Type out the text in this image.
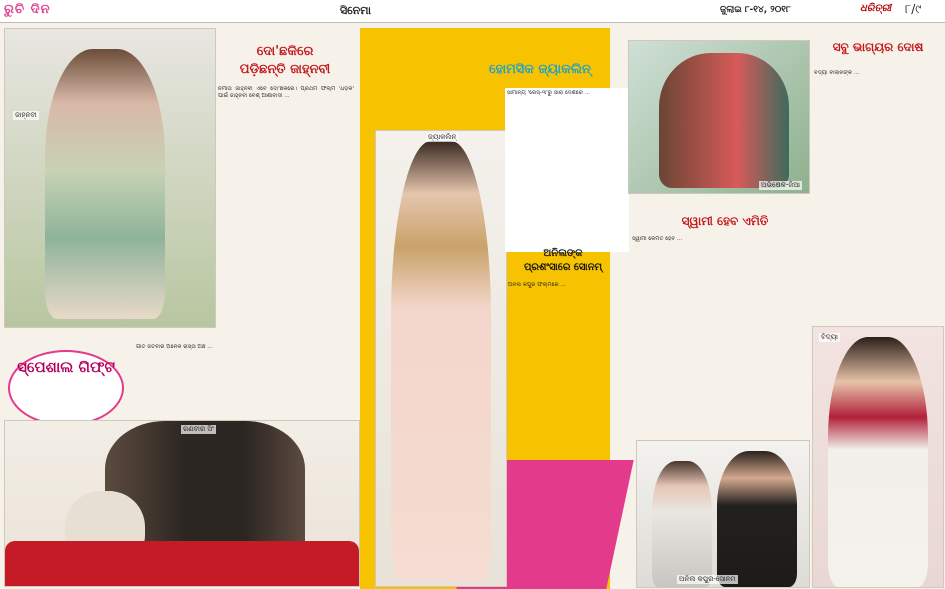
ରୁଚି ଦିନ	ସିନେମା	ଜୁଲାଇ ୮-୧୪, ୨୦୧୮	ଧରିତ୍ରୀ ୮/୯
ଜାହ୍ନବୀ
ଦୋ'ଛକିରେ
ପଡ଼ିଛନ୍ତି ଜାହ୍ନବୀ
ନିର୍ମାତା ଜାହ୍ନବୀ ଏବେ ଦୋ'ଛକିରେ। ପ୍ରଥମ ଫିଲ୍ମ 'ଧଡ଼କ' ପାଇଁ ଜାହ୍ନବୀ ବେଶ୍ ଆଶାବାଦୀ ...
ସ୍ପେଶାଲ ଗିଫ୍ଟ
ଗୀତ ଜିତିବାର ଅନେକ ରାସ୍ତା ଅଛି ...
ରଣବୀର ସିଂ
ହୋମସିକ ଜ୍ୟାକଲିନ୍
ଜ୍ୟାକଲିନ୍
ସାମାନ୍ୟ 'ରେସ୍-୩'ରୁ ସାରା ଦେଶରେ ...
ଅନିଲଙ୍କ
ପ୍ରଶଂସାରେ ସୋନମ୍
ଅନିଲ କପୁର ଫିଲ୍ମରେ ...
ଅଭିଷେକ-ଜିଆ
ସ୍ୱାମୀ ହେବ ଏମିତି
ସ୍ୱାମୀ କେମିତି ହେବ ...
ଅନିଲ କପୁର-ସୋନମ
ସବୁ ଭାଗ୍ୟର ଦୋଷ
ବିଦ୍ୟା ବାଲାନଙ୍କ ...
ବିଦ୍ୟା
